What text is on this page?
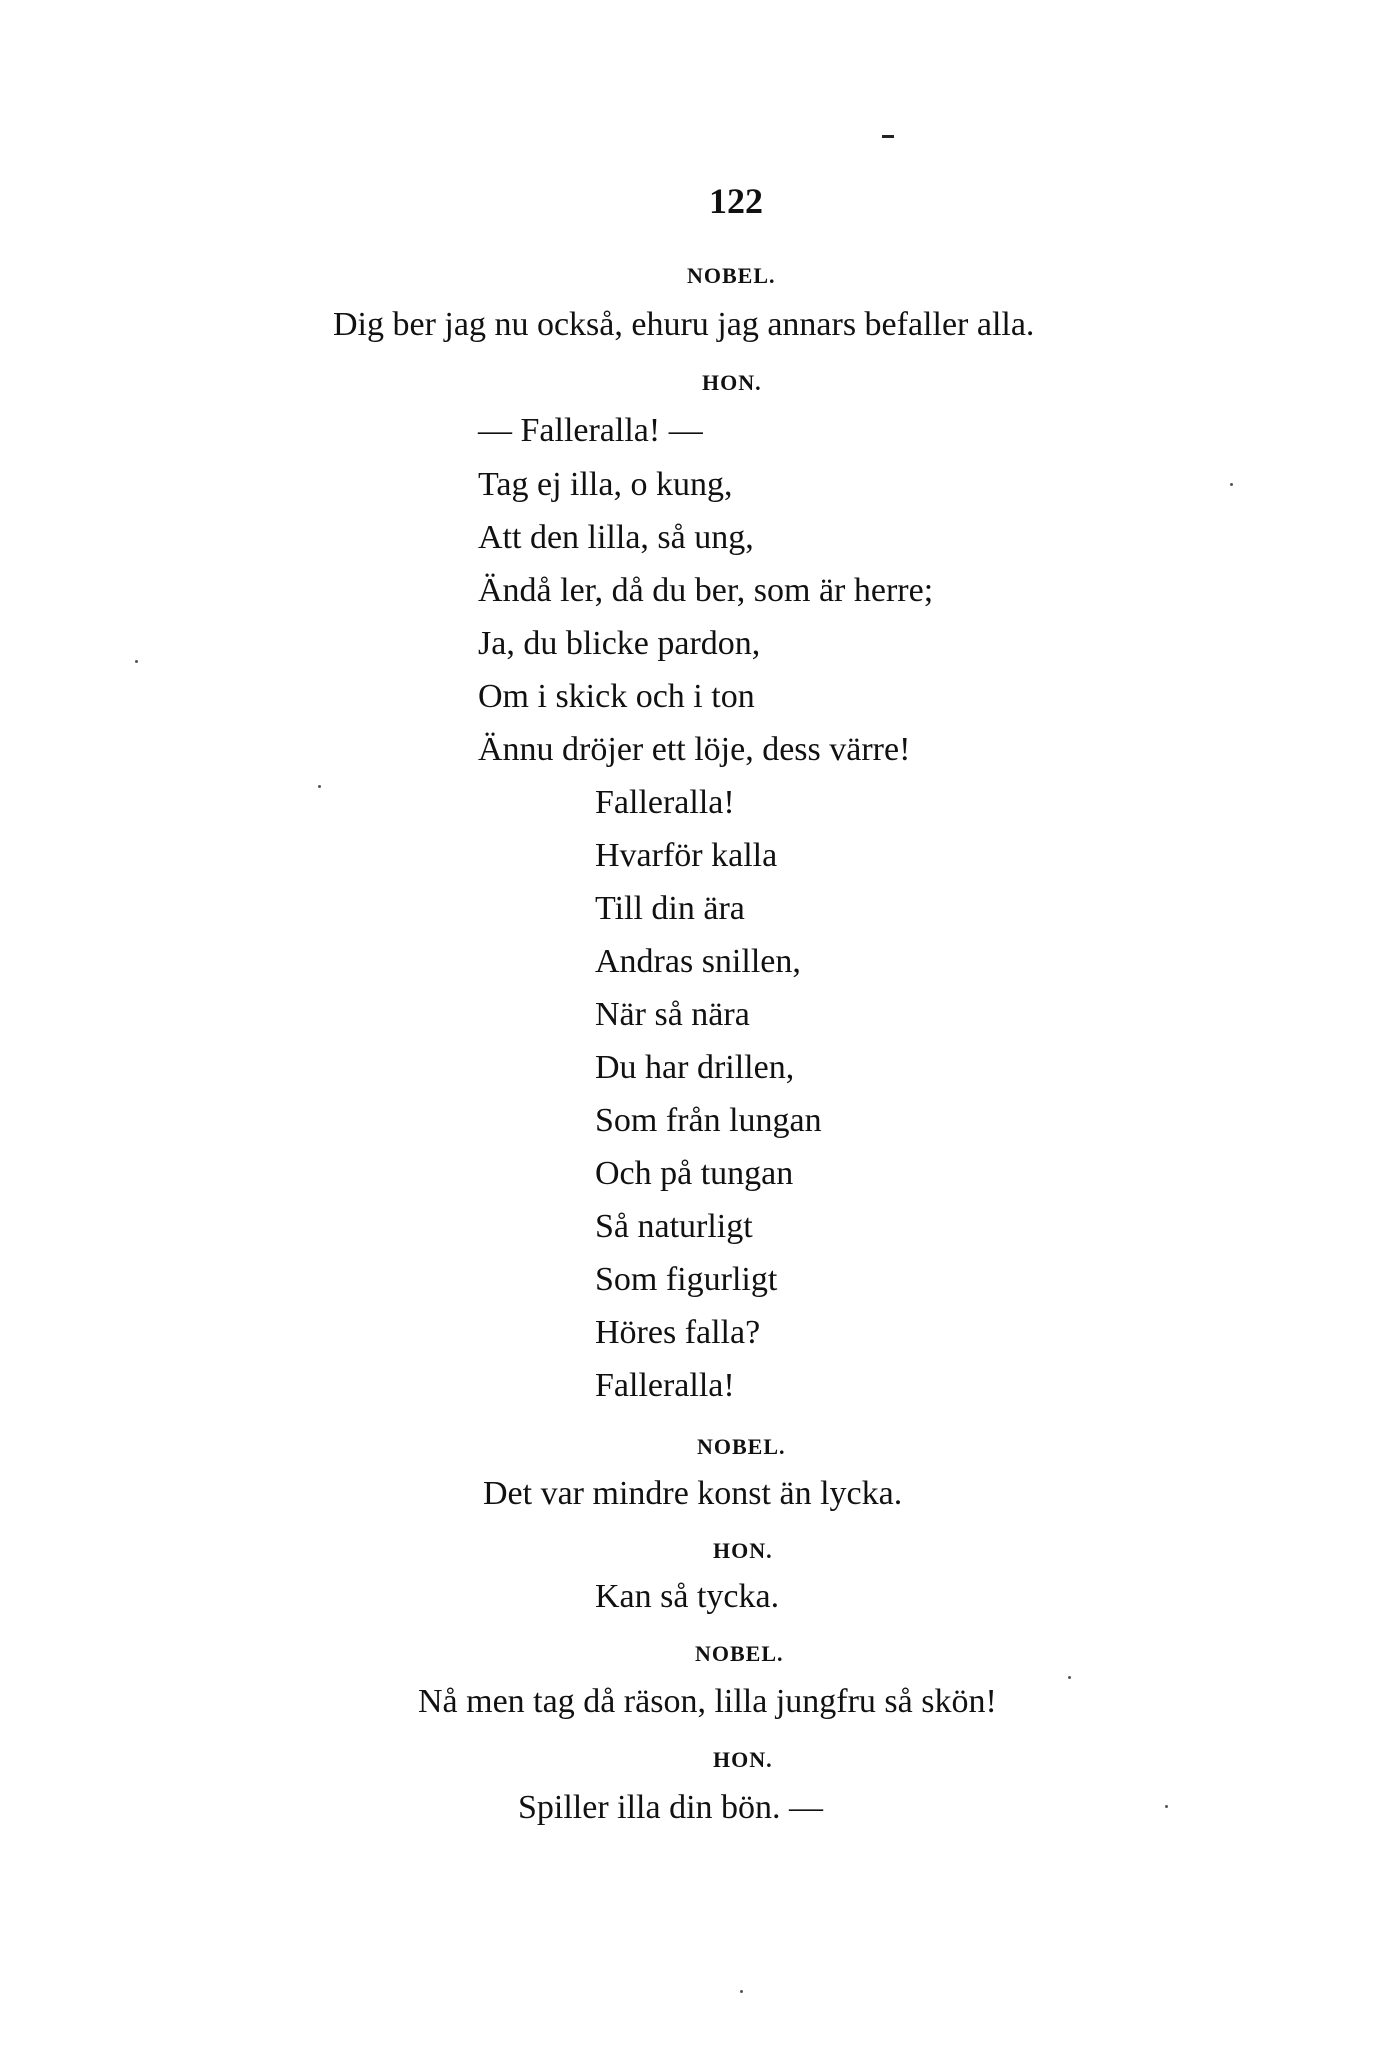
122
NOBEL.
Dig ber jag nu också, ehuru jag annars befaller alla.
HON.
— Falleralla! —
Tag ej illa, o kung,
Att den lilla, så ung,
Ändå ler, då du ber, som är herre;
Ja, du blicke pardon,
Om i skick och i ton
Ännu dröjer ett löje, dess värre!
Falleralla!
Hvarför kalla
Till din ära
Andras snillen,
När så nära
Du har drillen,
Som från lungan
Och på tungan
Så naturligt
Som figurligt
Höres falla?
Falleralla!
NOBEL.
Det var mindre konst än lycka.
HON.
Kan så tycka.
NOBEL.
Nå men tag då räson, lilla jungfru så skön!
HON.
Spiller illa din bön. —
